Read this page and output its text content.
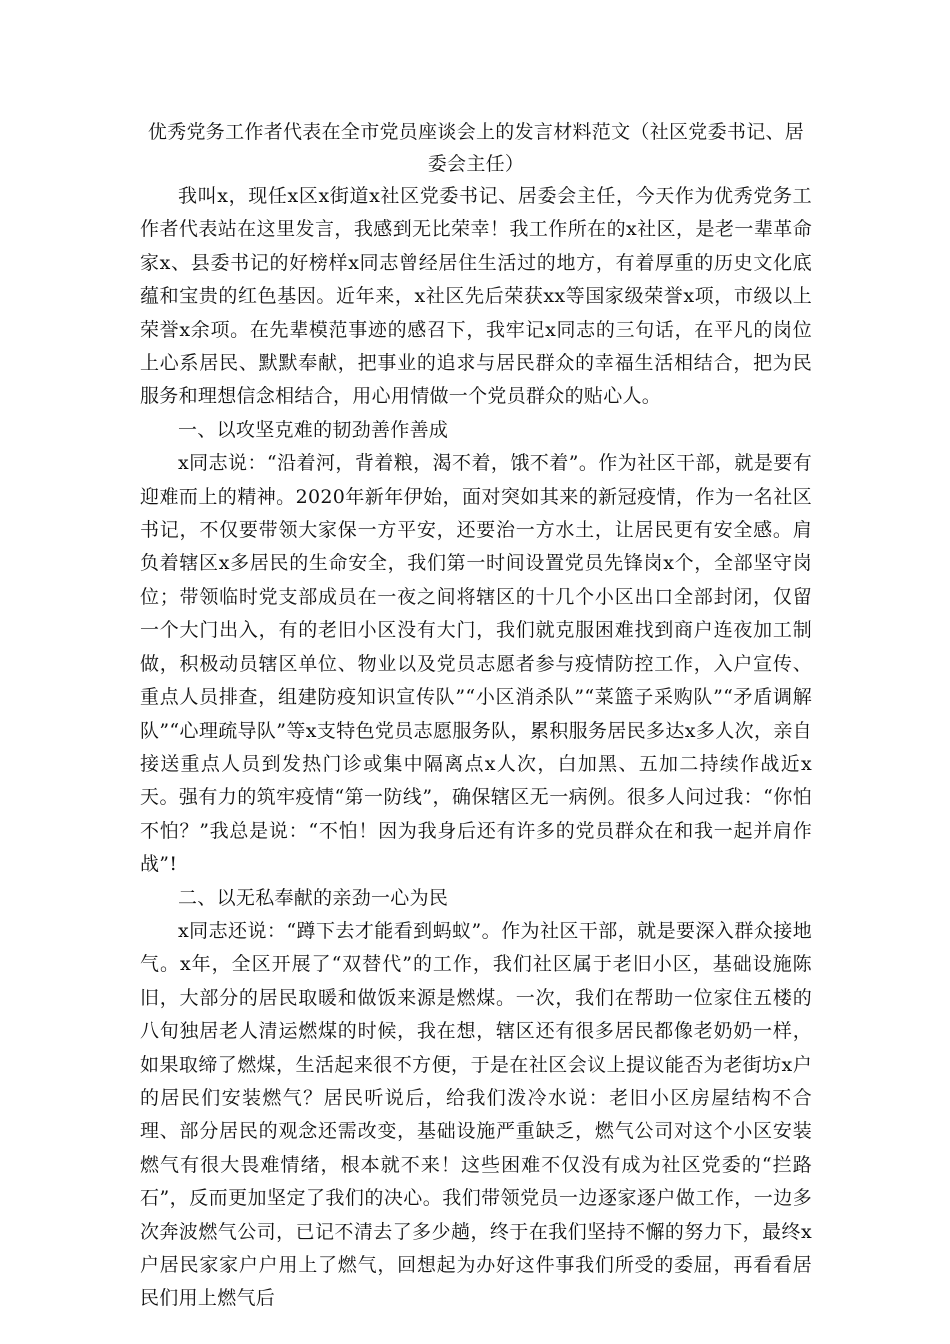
优秀党务工作者代表在全市党员座谈会上的发言材料范文（社区党委书记、居委会主任）

我叫x，现任x区x街道x社区党委书记、居委会主任，今天作为优秀党务工作者代表站在这里发言，我感到无比荣幸！我工作所在的x社区，是老一辈革命家x、县委书记的好榜样x同志曾经居住生活过的地方，有着厚重的历史文化底蕴和宝贵的红色基因。近年来，x社区先后荣获xx等国家级荣誉x项，市级以上荣誉x余项。在先辈模范事迹的感召下，我牢记x同志的三句话，在平凡的岗位上心系居民、默默奉献，把事业的追求与居民群众的幸福生活相结合，把为民服务和理想信念相结合，用心用情做一个党员群众的贴心人。

一、以攻坚克难的韧劲善作善成

x同志说：“沿着河，背着粮，渴不着，饿不着”。作为社区干部，就是要有迎难而上的精神。2020年新年伊始，面对突如其来的新冠疫情，作为一名社区书记，不仅要带领大家保一方平安，还要治一方水土，让居民更有安全感。肩负着辖区x多居民的生命安全，我们第一时间设置党员先锋岗x个，全部坚守岗位；带领临时党支部成员在一夜之间将辖区的十几个小区出口全部封闭，仅留一个大门出入，有的老旧小区没有大门，我们就克服困难找到商户连夜加工制做，积极动员辖区单位、物业以及党员志愿者参与疫情防控工作，入户宣传、重点人员排查，组建防疫知识宣传队”“小区消杀队”“菜篮子采购队”“矛盾调解队”“心理疏导队”等x支特色党员志愿服务队，累积服务居民多达x多人次，亲自接送重点人员到发热门诊或集中隔离点x人次，白加黑、五加二持续作战近x天。强有力的筑牢疫情“第一防线”，确保辖区无一病例。很多人问过我：“你怕不怕？”我总是说：“不怕！因为我身后还有许多的党员群众在和我一起并肩作战”!

二、以无私奉献的亲劲一心为民

x同志还说：“蹲下去才能看到蚂蚁”。作为社区干部，就是要深入群众接地气。x年，全区开展了“双替代”的工作，我们社区属于老旧小区，基础设施陈旧，大部分的居民取暖和做饭来源是燃煤。一次，我们在帮助一位家住五楼的八旬独居老人清运燃煤的时候，我在想，辖区还有很多居民都像老奶奶一样，如果取缔了燃煤，生活起来很不方便，于是在社区会议上提议能否为老街坊x户的居民们安装燃气？居民听说后，给我们泼冷水说：老旧小区房屋结构不合理、部分居民的观念还需改变，基础设施严重缺乏，燃气公司对这个小区安装燃气有很大畏难情绪，根本就不来！这些困难不仅没有成为社区党委的“拦路石”，反而更加坚定了我们的决心。我们带领党员一边逐家逐户做工作，一边多次奔波燃气公司，已记不清去了多少趟，终于在我们坚持不懈的努力下，最终x户居民家家户户用上了燃气，回想起为办好这件事我们所受的委屈，再看看居民们用上燃气后
